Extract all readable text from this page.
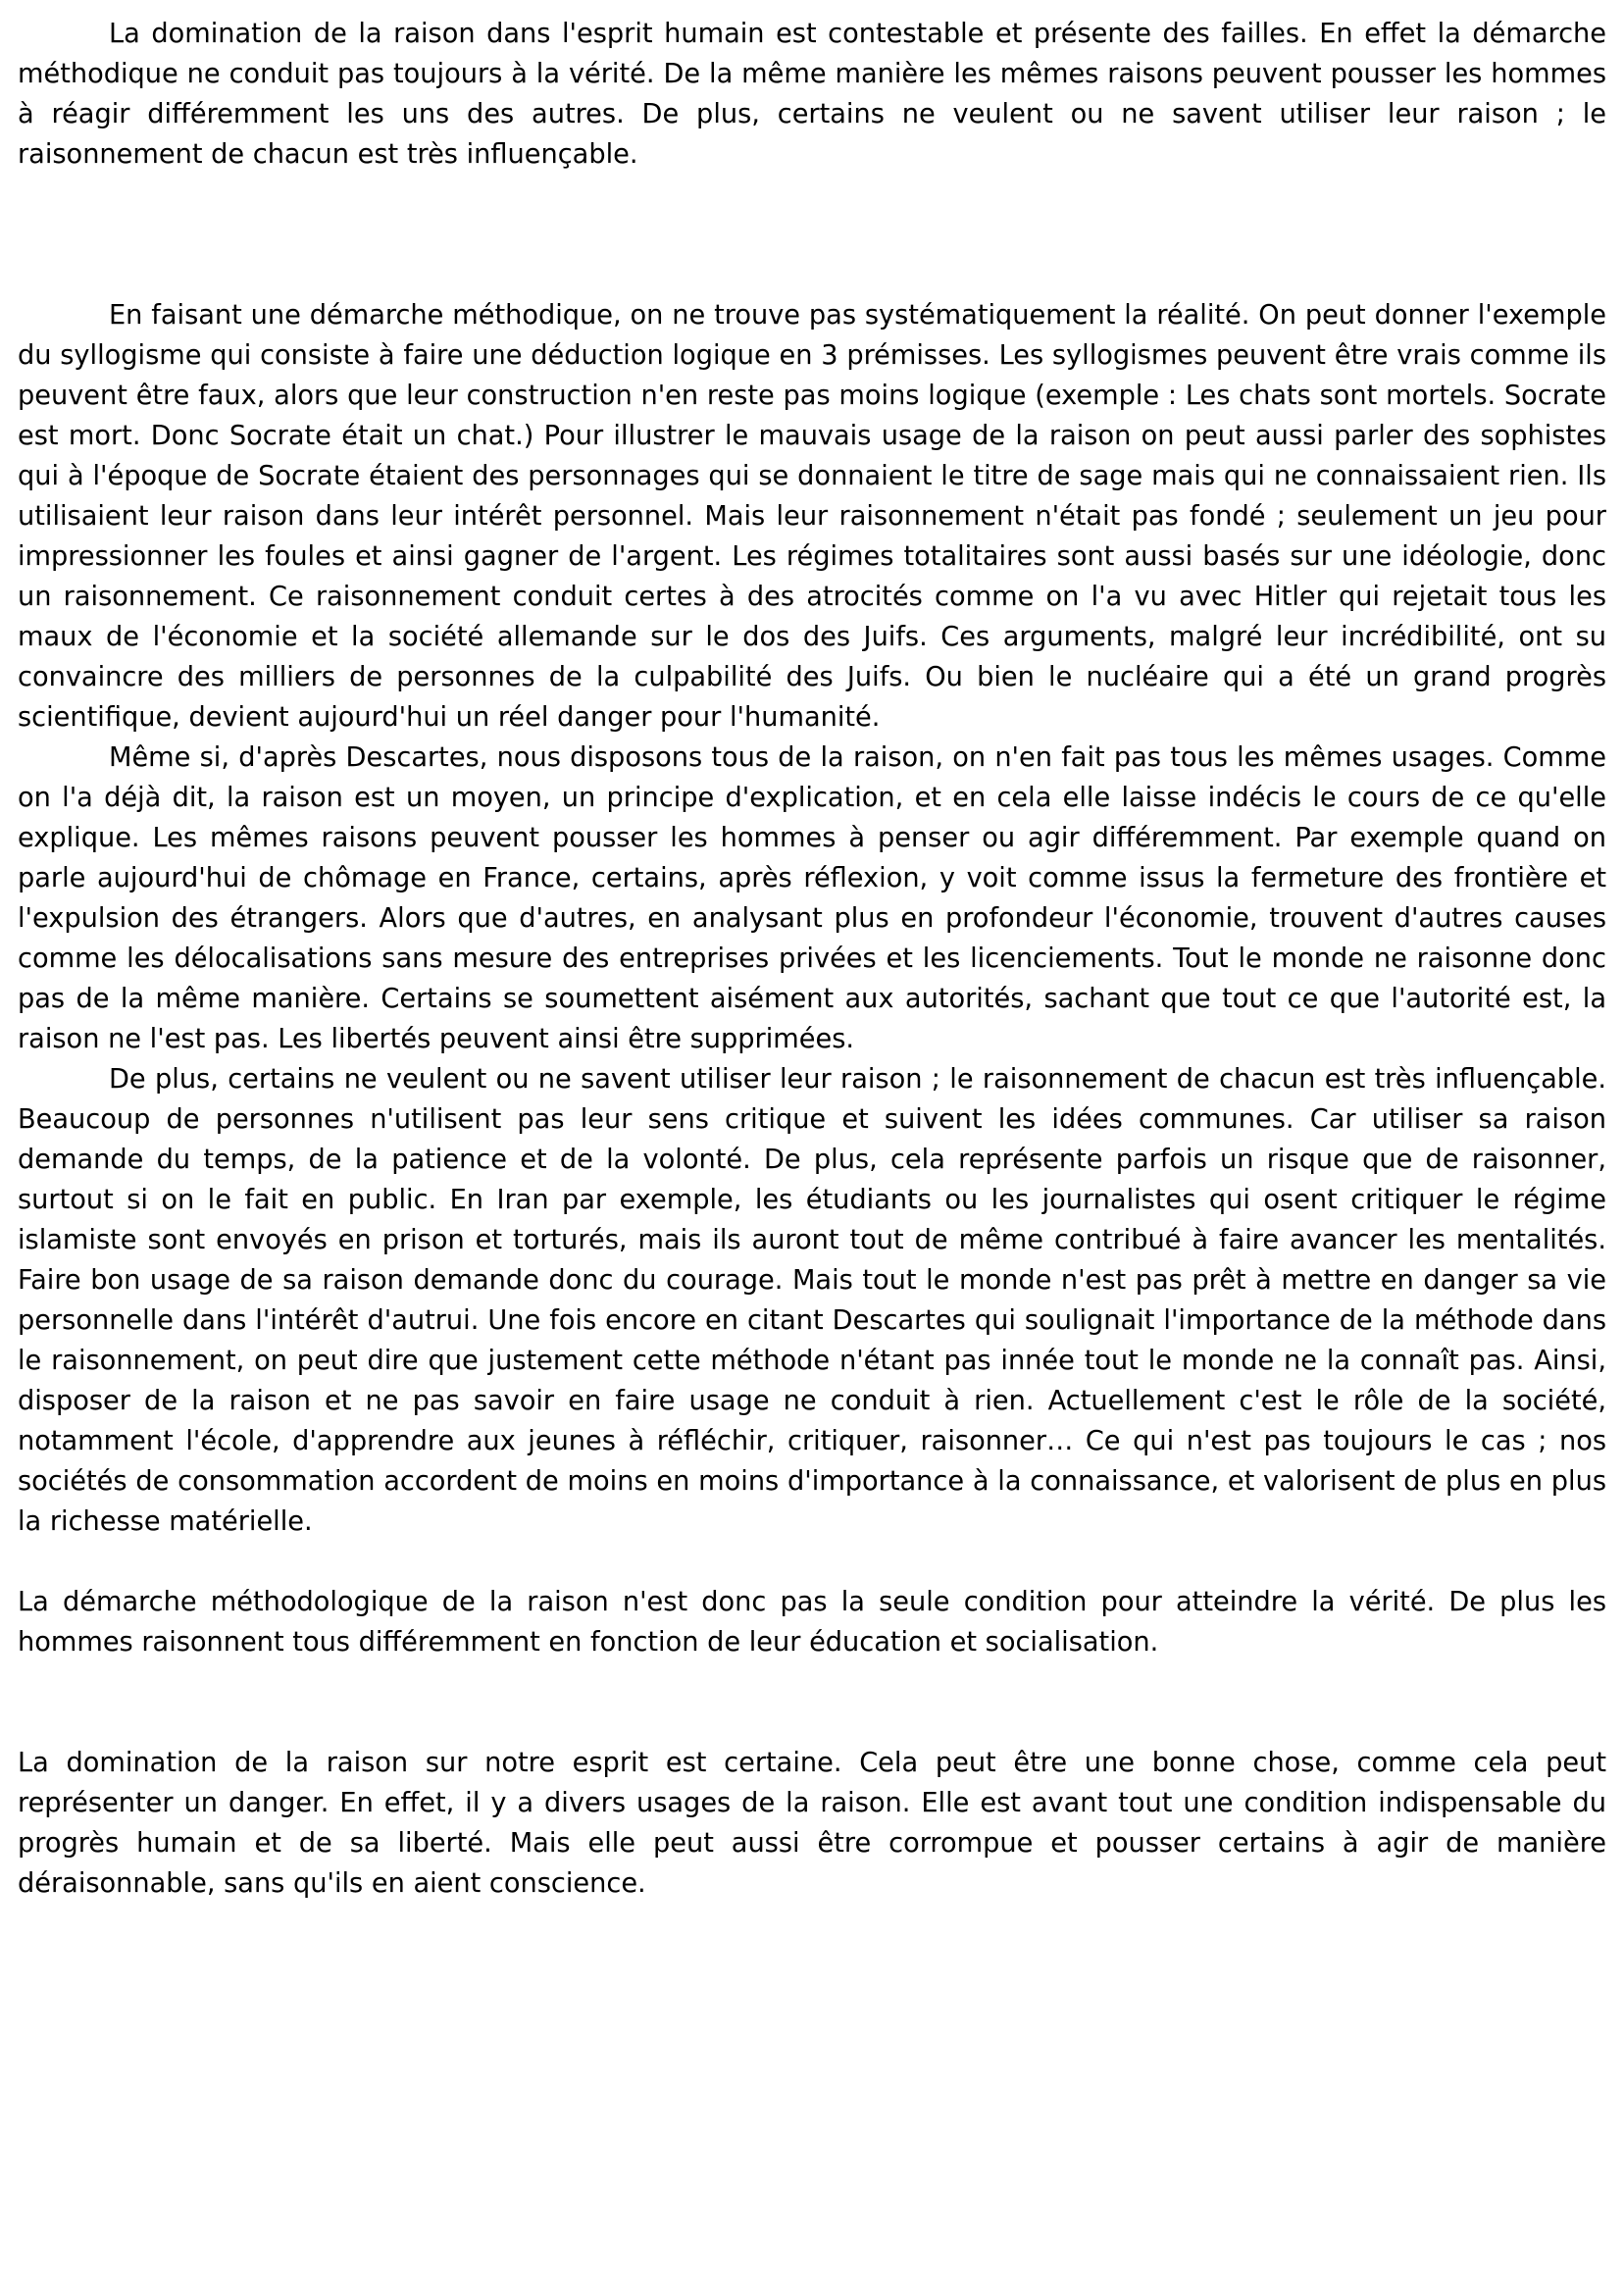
La domination de la raison dans l'esprit humain est contestable et présente des failles. En effet la démarche méthodique ne conduit pas toujours à la vérité. De la même manière les mêmes raisons peuvent pousser les hommes à réagir différemment les uns des autres. De plus, certains ne veulent ou ne savent utiliser leur raison ; le raisonnement de chacun est très influençable.

En faisant une démarche méthodique, on ne trouve pas systématiquement la réalité. On peut donner l'exemple du syllogisme qui consiste à faire une déduction logique en 3 prémisses. Les syllogismes peuvent être vrais comme ils peuvent être faux, alors que leur construction n'en reste pas moins logique (exemple : Les chats sont mortels. Socrate est mort. Donc Socrate était un chat.) Pour illustrer le mauvais usage de la raison on peut aussi parler des sophistes qui à l'époque de Socrate étaient des personnages qui se donnaient le titre de sage mais qui ne connaissaient rien. Ils utilisaient leur raison dans leur intérêt personnel. Mais leur raisonnement n'était pas fondé ; seulement un jeu pour impressionner les foules et ainsi gagner de l'argent. Les régimes totalitaires sont aussi basés sur une idéologie, donc un raisonnement. Ce raisonnement conduit certes à des atrocités comme on l'a vu avec Hitler qui rejetait tous les maux de l'économie et la société allemande sur le dos des Juifs. Ces arguments, malgré leur incrédibilité, ont su convaincre des milliers de personnes de la culpabilité des Juifs. Ou bien le nucléaire qui a été un grand progrès scientifique, devient aujourd'hui un réel danger pour l'humanité.

Même si, d'après Descartes, nous disposons tous de la raison, on n'en fait pas tous les mêmes usages. Comme on l'a déjà dit, la raison est un moyen, un principe d'explication, et en cela elle laisse indécis le cours de ce qu'elle explique. Les mêmes raisons peuvent pousser les hommes à penser ou agir différemment. Par exemple quand on parle aujourd'hui de chômage en France, certains, après réflexion, y voit comme issus la fermeture des frontière et l'expulsion des étrangers. Alors que d'autres, en analysant plus en profondeur l'économie, trouvent d'autres causes comme les délocalisations sans mesure des entreprises privées et les licenciements. Tout le monde ne raisonne donc pas de la même manière. Certains se soumettent aisément aux autorités, sachant que tout ce que l'autorité est, la raison ne l'est pas. Les libertés peuvent ainsi être supprimées.

De plus, certains ne veulent ou ne savent utiliser leur raison ; le raisonnement de chacun est très influençable. Beaucoup de personnes n'utilisent pas leur sens critique et suivent les idées communes. Car utiliser sa raison demande du temps, de la patience et de la volonté. De plus, cela représente parfois un risque que de raisonner, surtout si on le fait en public. En Iran par exemple, les étudiants ou les journalistes qui osent critiquer le régime islamiste sont envoyés en prison et torturés, mais ils auront tout de même contribué à faire avancer les mentalités. Faire bon usage de sa raison demande donc du courage. Mais tout le monde n'est pas prêt à mettre en danger sa vie personnelle dans l'intérêt d'autrui. Une fois encore en citant Descartes qui soulignait l'importance de la méthode dans le raisonnement, on peut dire que justement cette méthode n'étant pas innée tout le monde ne la connaît pas. Ainsi, disposer de la raison et ne pas savoir en faire usage ne conduit à rien. Actuellement c'est le rôle de la société, notamment l'école, d'apprendre aux jeunes à réfléchir, critiquer, raisonner… Ce qui n'est pas toujours le cas ; nos sociétés de consommation accordent de moins en moins d'importance à la connaissance, et valorisent de plus en plus la richesse matérielle.

La démarche méthodologique de la raison n'est donc pas la seule condition pour atteindre la vérité. De plus les hommes raisonnent tous différemment en fonction de leur éducation et socialisation.

La domination de la raison sur notre esprit est certaine. Cela peut être une bonne chose, comme cela peut représenter un danger. En effet, il y a divers usages de la raison. Elle est avant tout une condition indispensable du progrès humain et de sa liberté. Mais elle peut aussi être corrompue et pousser certains à agir de manière déraisonnable, sans qu'ils en aient conscience.
